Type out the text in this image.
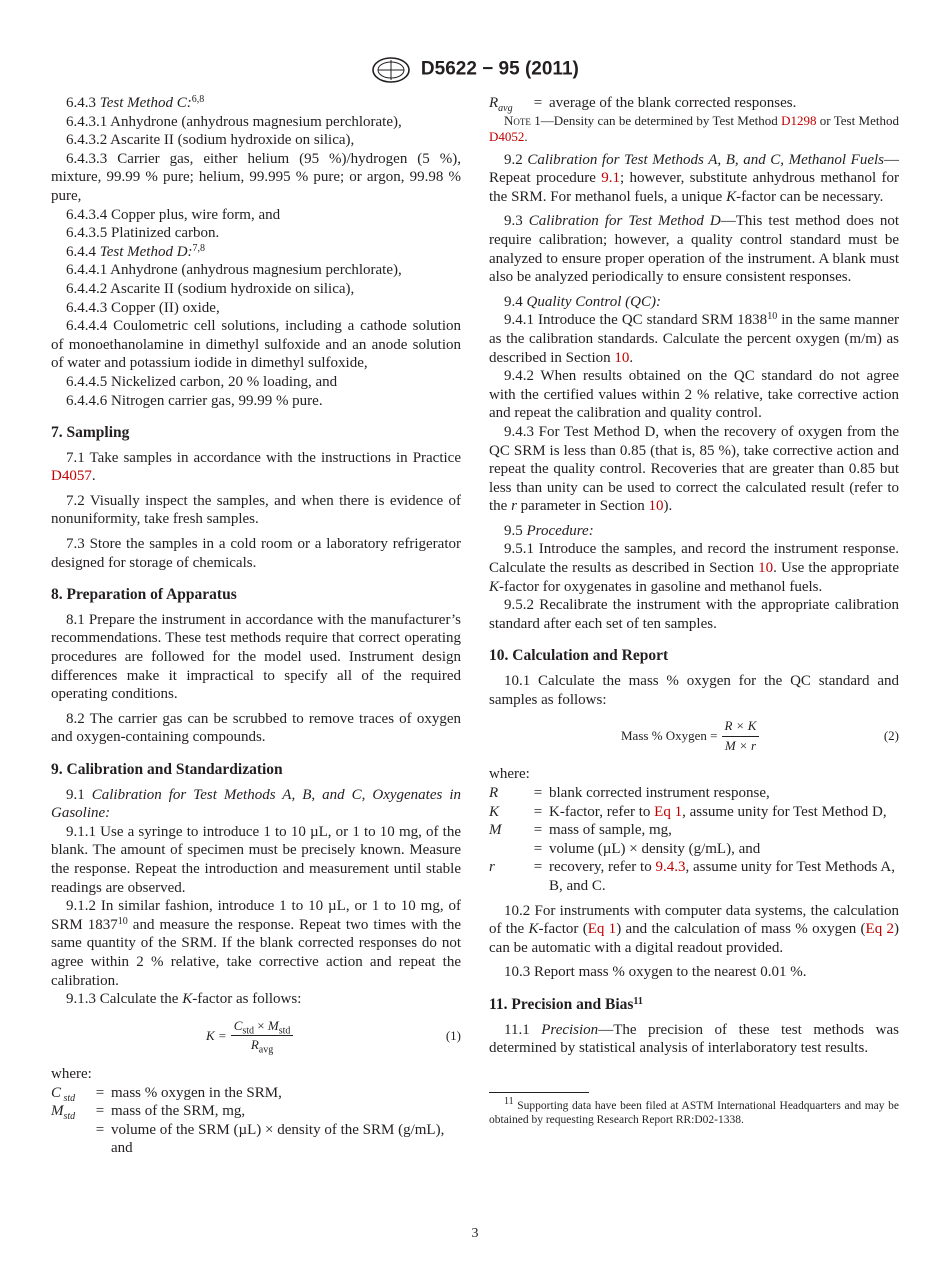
D5622 − 95 (2011)

6.4.3 Test Method C:$^{6,8}$

6.4.3.1 Anhydrone (anhydrous magnesium perchlorate),

6.4.3.2 Ascarite II (sodium hydroxide on silica),

6.4.3.3 Carrier gas, either helium (95 %)/hydrogen (5 %), mixture, 99.99 % pure; helium, 99.995 % pure; or argon, 99.98 % pure,

6.4.3.4 Copper plus, wire form, and

6.4.3.5 Platinized carbon.

6.4.4 Test Method D:$^{7,8}$

6.4.4.1 Anhydrone (anhydrous magnesium perchlorate),

6.4.4.2 Ascarite II (sodium hydroxide on silica),

6.4.4.3 Copper (II) oxide,

6.4.4.4 Coulometric cell solutions, including a cathode solution of monoethanolamine in dimethyl sulfoxide and an anode solution of water and potassium iodide in dimethyl sulfoxide,

6.4.4.5 Nickelized carbon, 20 % loading, and

6.4.4.6 Nitrogen carrier gas, 99.99 % pure.

7. Sampling

7.1 Take samples in accordance with the instructions in Practice D4057.

7.2 Visually inspect the samples, and when there is evidence of nonuniformity, take fresh samples.

7.3 Store the samples in a cold room or a laboratory refrigerator designed for storage of chemicals.

8. Preparation of Apparatus

8.1 Prepare the instrument in accordance with the manufacturer’s recommendations. These test methods require that correct operating procedures are followed for the model used. Instrument design differences make it impractical to specify all of the required operating conditions.

8.2 The carrier gas can be scrubbed to remove traces of oxygen and oxygen-containing compounds.

9. Calibration and Standardization

9.1 Calibration for Test Methods A, B, and C, Oxygenates in Gasoline:

9.1.1 Use a syringe to introduce 1 to 10 µL, or 1 to 10 mg, of the blank. The amount of specimen must be precisely known. Measure the response. Repeat the introduction and measurement until stable readings are observed.

9.1.2 In similar fashion, introduce 1 to 10 µL, or 1 to 10 mg, of SRM 1837$^{10}$ and measure the response. Repeat two times with the same quantity of the SRM. If the blank corrected responses do not agree within 2 % relative, take corrective action and repeat the calibration.

9.1.3 Calculate the K-factor as follows:

$K = \frac{C_{std} \times M_{std}}{R_{avg}}$	(1)

where:

C $_{std}$	=	mass % oxygen in the SRM,
$M_{std}$	=	mass of the SRM, mg,
	=	volume of the SRM (µL) × density of the SRM (g/mL), and
$R_{avg}$	=	average of the blank corrected responses.

Note 1—Density can be determined by Test Method D1298 or Test Method D4052.

9.2 Calibration for Test Methods A, B, and C, Methanol Fuels—Repeat procedure 9.1; however, substitute anhydrous methanol for the SRM. For methanol fuels, a unique K-factor can be necessary.

9.3 Calibration for Test Method D—This test method does not require calibration; however, a quality control standard must be analyzed to ensure proper operation of the instrument. A blank must also be analyzed periodically to ensure consistent responses.

9.4 Quality Control (QC):

9.4.1 Introduce the QC standard SRM 1838$^{10}$ in the same manner as the calibration standards. Calculate the percent oxygen (m/m) as described in Section 10.

9.4.2 When results obtained on the QC standard do not agree with the certified values within 2 % relative, take corrective action and repeat the calibration and quality control.

9.4.3 For Test Method D, when the recovery of oxygen from the QC SRM is less than 0.85 (that is, 85 %), take corrective action and repeat the quality control. Recoveries that are greater than 0.85 but less than unity can be used to correct the calculated result (refer to the r parameter in Section 10).

9.5 Procedure:

9.5.1 Introduce the samples, and record the instrument response. Calculate the results as described in Section 10. Use the appropriate K-factor for oxygenates in gasoline and methanol fuels.

9.5.2 Recalibrate the instrument with the appropriate calibration standard after each set of ten samples.

10. Calculation and Report

10.1 Calculate the mass % oxygen for the QC standard and samples as follows:

Mass % Oxygen = $\frac{R \times K}{M \times r}$	(2)

where:

R	=	blank corrected instrument response,
K	=	K-factor, refer to Eq 1, assume unity for Test Method D,
M	=	mass of sample, mg,
	=	volume (µL) × density (g/mL), and
r	=	recovery, refer to 9.4.3, assume unity for Test Methods A, B, and C.

10.2 For instruments with computer data systems, the calculation of the K-factor (Eq 1) and the calculation of mass % oxygen (Eq 2) can be automatic with a digital readout provided.

10.3 Report mass % oxygen to the nearest 0.01 %.

11. Precision and Bias$^{11}$

11.1 Precision—The precision of these test methods was determined by statistical analysis of interlaboratory test results.

$^{11}$ Supporting data have been filed at ASTM International Headquarters and may be obtained by requesting Research Report RR:D02-1338.

3
